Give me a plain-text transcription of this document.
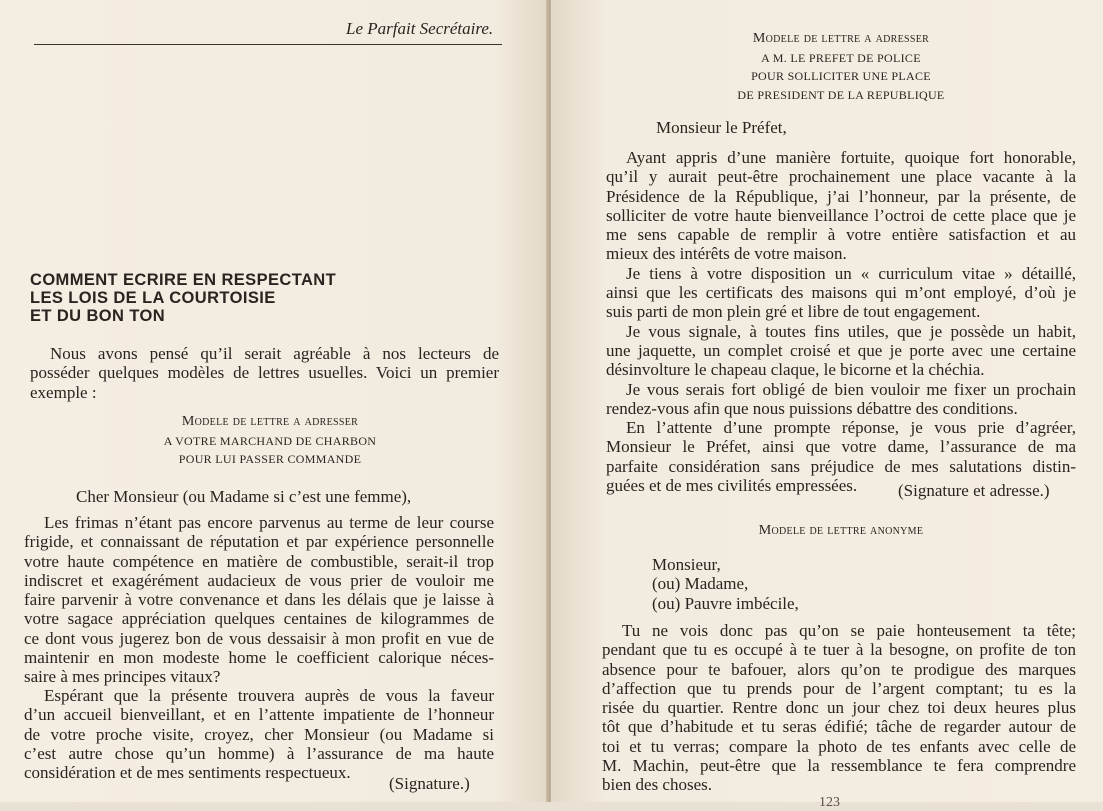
Le Parfait Secrétaire.
COMMENT ECRIRE EN RESPECTANT
LES LOIS DE LA COURTOISIE
ET DU BON TON

Nous avons pensé qu’il serait agréable à nos lecteurs de
posséder quelques modèles de lettres usuelles. Voici un premier
exemple :

Modele de lettre a adresser
A VOTRE MARCHAND DE CHARBON
POUR LUI PASSER COMMANDE
Cher Monsieur (ou Madame si c’est une femme),

Les frimas n’étant pas encore parvenus au terme de leur course
frigide, et connaissant de réputation et par expérience personnelle
votre haute compétence en matière de combustible, serait-il trop
indiscret et exagérément audacieux de vous prier de vouloir me
faire parvenir à votre convenance et dans les délais que je laisse à
votre sagace appréciation quelques centaines de kilogrammes de
ce dont vous jugerez bon de vous dessaisir à mon profit en vue de
maintenir en mon modeste home le coefficient calorique néces-
saire à mes principes vitaux?

Espérant que la présente trouvera auprès de vous la faveur
d’un accueil bienveillant, et en l’attente impatiente de l’honneur
de votre proche visite, croyez, cher Monsieur (ou Madame si
c’est autre chose qu’un homme) à l’assurance de ma haute
considération et de mes sentiments respectueux.

(Signature.)
Modele de lettre a adresser
A M. LE PREFET DE POLICE
POUR SOLLICITER UNE PLACE
DE PRESIDENT DE LA REPUBLIQUE
Monsieur le Préfet,

Ayant appris d’une manière fortuite, quoique fort honorable,
qu’il y aurait peut-être prochainement une place vacante à la
Présidence de la République, j’ai l’honneur, par la présente, de
solliciter de votre haute bienveillance l’octroi de cette place que je
me sens capable de remplir à votre entière satisfaction et au
mieux des intérêts de votre maison.
Je tiens à votre disposition un « curriculum vitae » détaillé,
ainsi que les certificats des maisons qui m’ont employé, d’où je
suis parti de mon plein gré et libre de tout engagement.
Je vous signale, à toutes fins utiles, que je possède un habit,
une jaquette, un complet croisé et que je porte avec une certaine
désinvolture le chapeau claque, le bicorne et la chéchia.
Je vous serais fort obligé de bien vouloir me fixer un prochain
rendez-vous afin que nous puissions débattre des conditions.
En l’attente d’une prompte réponse, je vous prie d’agréer,
Monsieur le Préfet, ainsi que votre dame, l’assurance de ma
parfaite considération sans préjudice de mes salutations distin-
guées et de mes civilités empressées.	(Signature et adresse.)
Modele de lettre anonyme
Monsieur,
(ou) Madame,
(ou) Pauvre imbécile,

Tu ne vois donc pas qu’on se paie honteusement ta tête;
pendant que tu es occupé à te tuer à la besogne, on profite de ton
absence pour te bafouer, alors qu’on te prodigue des marques
d’affection que tu prends pour de l’argent comptant; tu es la
risée du quartier. Rentre donc un jour chez toi deux heures plus
tôt que d’habitude et tu seras édifié; tâche de regarder autour de
toi et tu verras; compare la photo de tes enfants avec celle de
M. Machin, peut-être que la ressemblance te fera comprendre
bien des choses.

123
